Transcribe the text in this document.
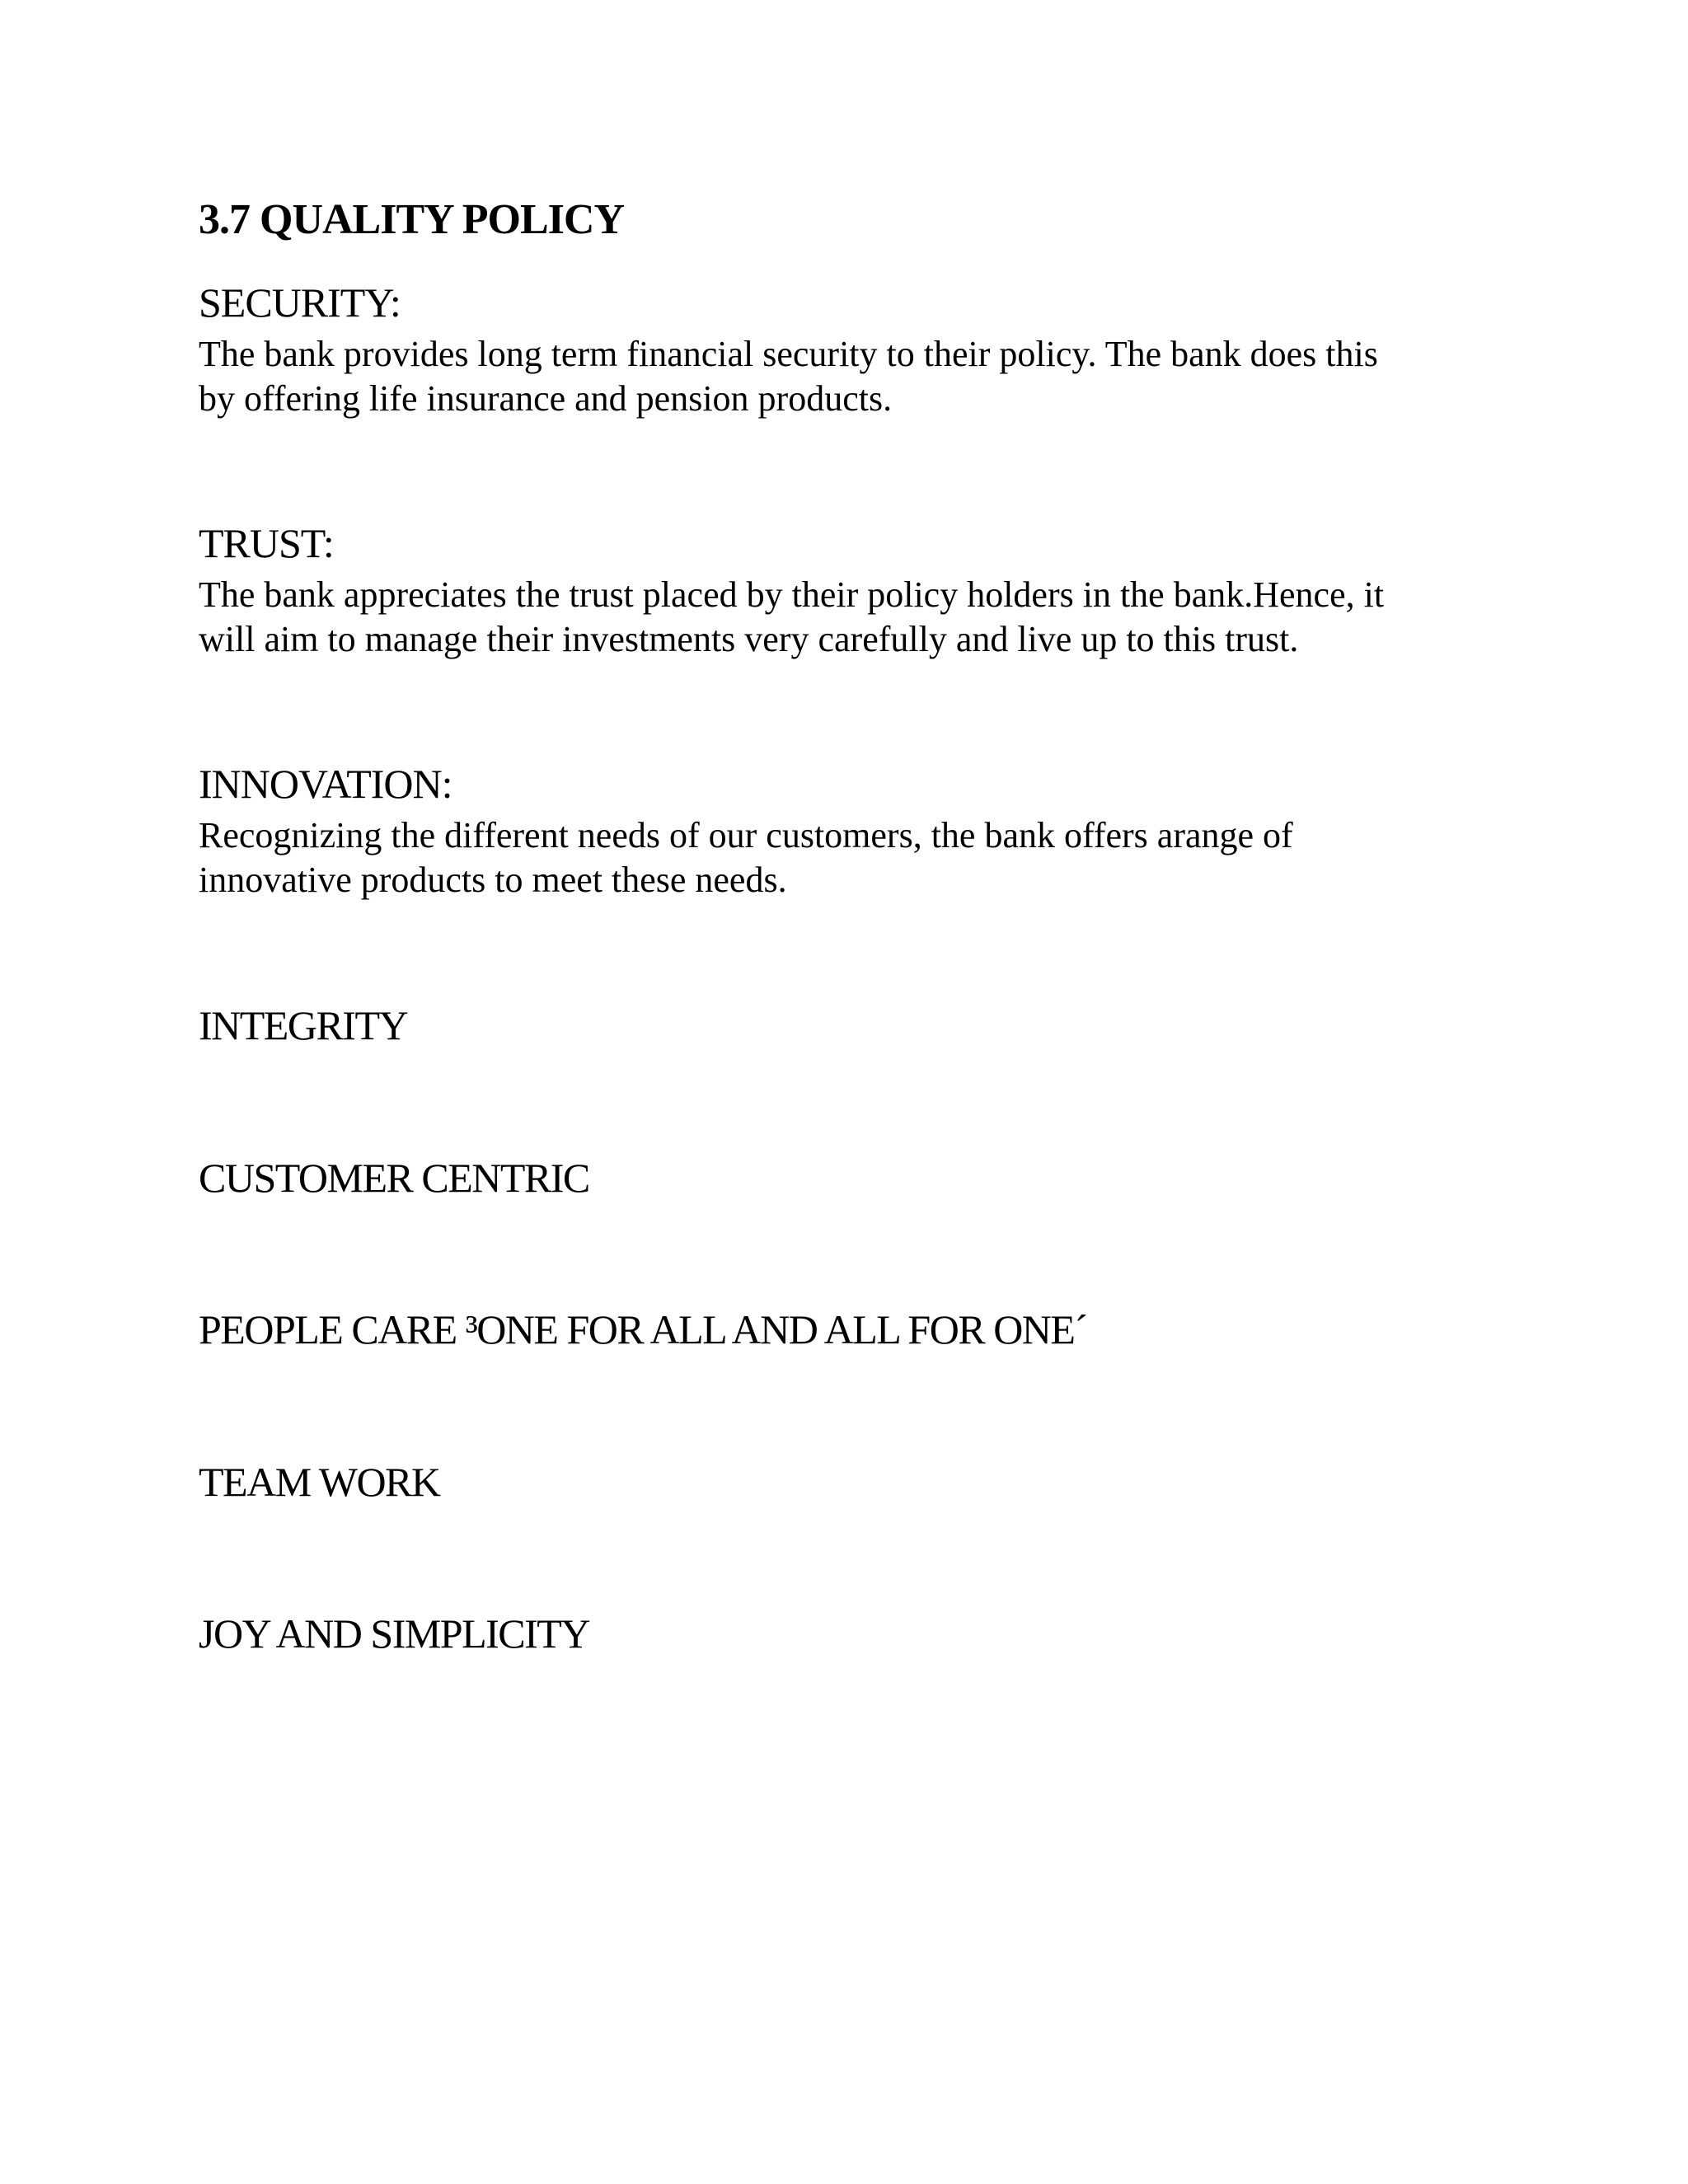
3.7 QUALITY POLICY
SECURITY:
The bank provides long term financial security to their policy. The bank does this
by offering life insurance and pension products.
TRUST:
The bank appreciates the trust placed by their policy holders in the bank.Hence, it
will aim to manage their investments very carefully and live up to this trust.
INNOVATION:
Recognizing the different needs of our customers, the bank offers arange of
innovative products to meet these needs.

INTEGRITY

CUSTOMER CENTRIC

PEOPLE CARE ³ONE FOR ALL AND ALL FOR ONE´

TEAM WORK

JOY AND SIMPLICITY
